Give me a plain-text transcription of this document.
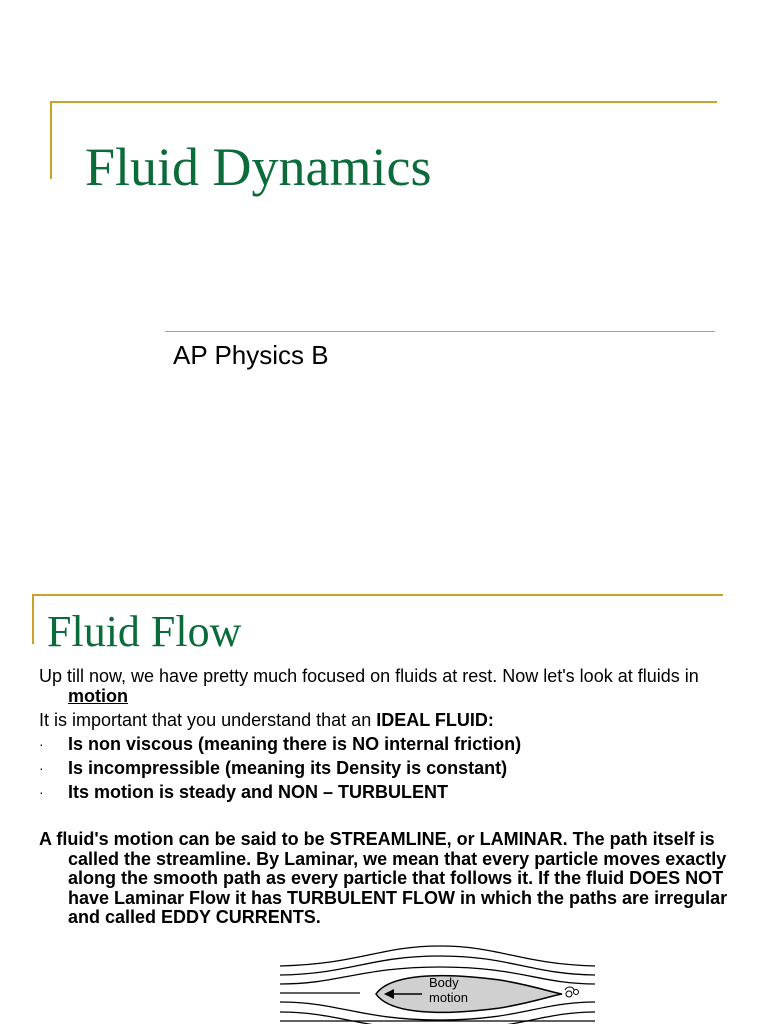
Fluid Dynamics
AP Physics B
Fluid Flow

Up till now, we have pretty much focused on fluids at rest. Now let's look at fluids in motion

It is important that you understand that an IDEAL FLUID:

· Is non viscous (meaning there is NO internal friction)
· Is incompressible (meaning its Density is constant)
· Its motion is steady and NON – TURBULENT

A fluid's motion can be said to be STREAMLINE, or LAMINAR. The path itself is called the streamline. By Laminar, we mean that every particle moves exactly along the smooth path as every particle that follows it. If the fluid DOES NOT have Laminar Flow it has TURBULENT FLOW in which the paths are irregular and called EDDY CURRENTS.

Body
motion
